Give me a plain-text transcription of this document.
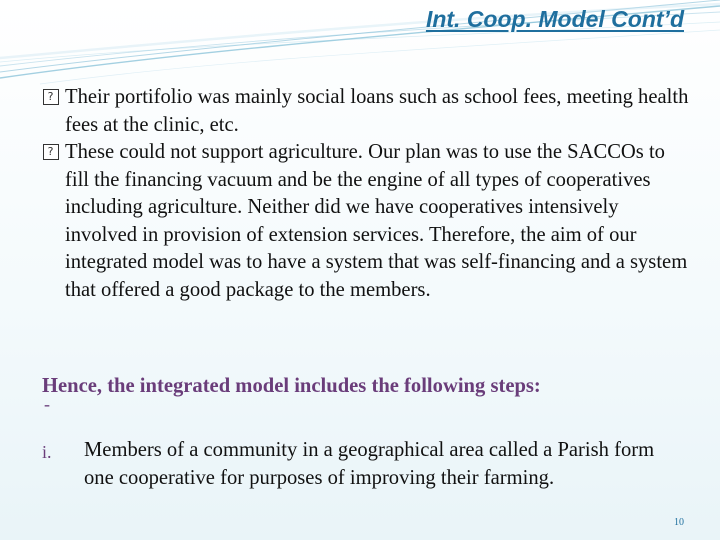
Int. Coop. Model Cont’d
?
Their portifolio was mainly social loans such as school fees, meeting health fees at the clinic, etc.
?
These could not support agriculture. Our plan was to use the SACCOs to fill the financing vacuum and be the engine of all types of cooperatives including agriculture. Neither did we have cooperatives intensively involved in provision of extension services. Therefore, the aim of our integrated model was to have a system that was self-financing and a system that offered a good package to the members.

Hence, the integrated model includes the following steps:

-
i. Members of a community in a geographical area called a Parish form one cooperative for purposes of improving their farming.
10
